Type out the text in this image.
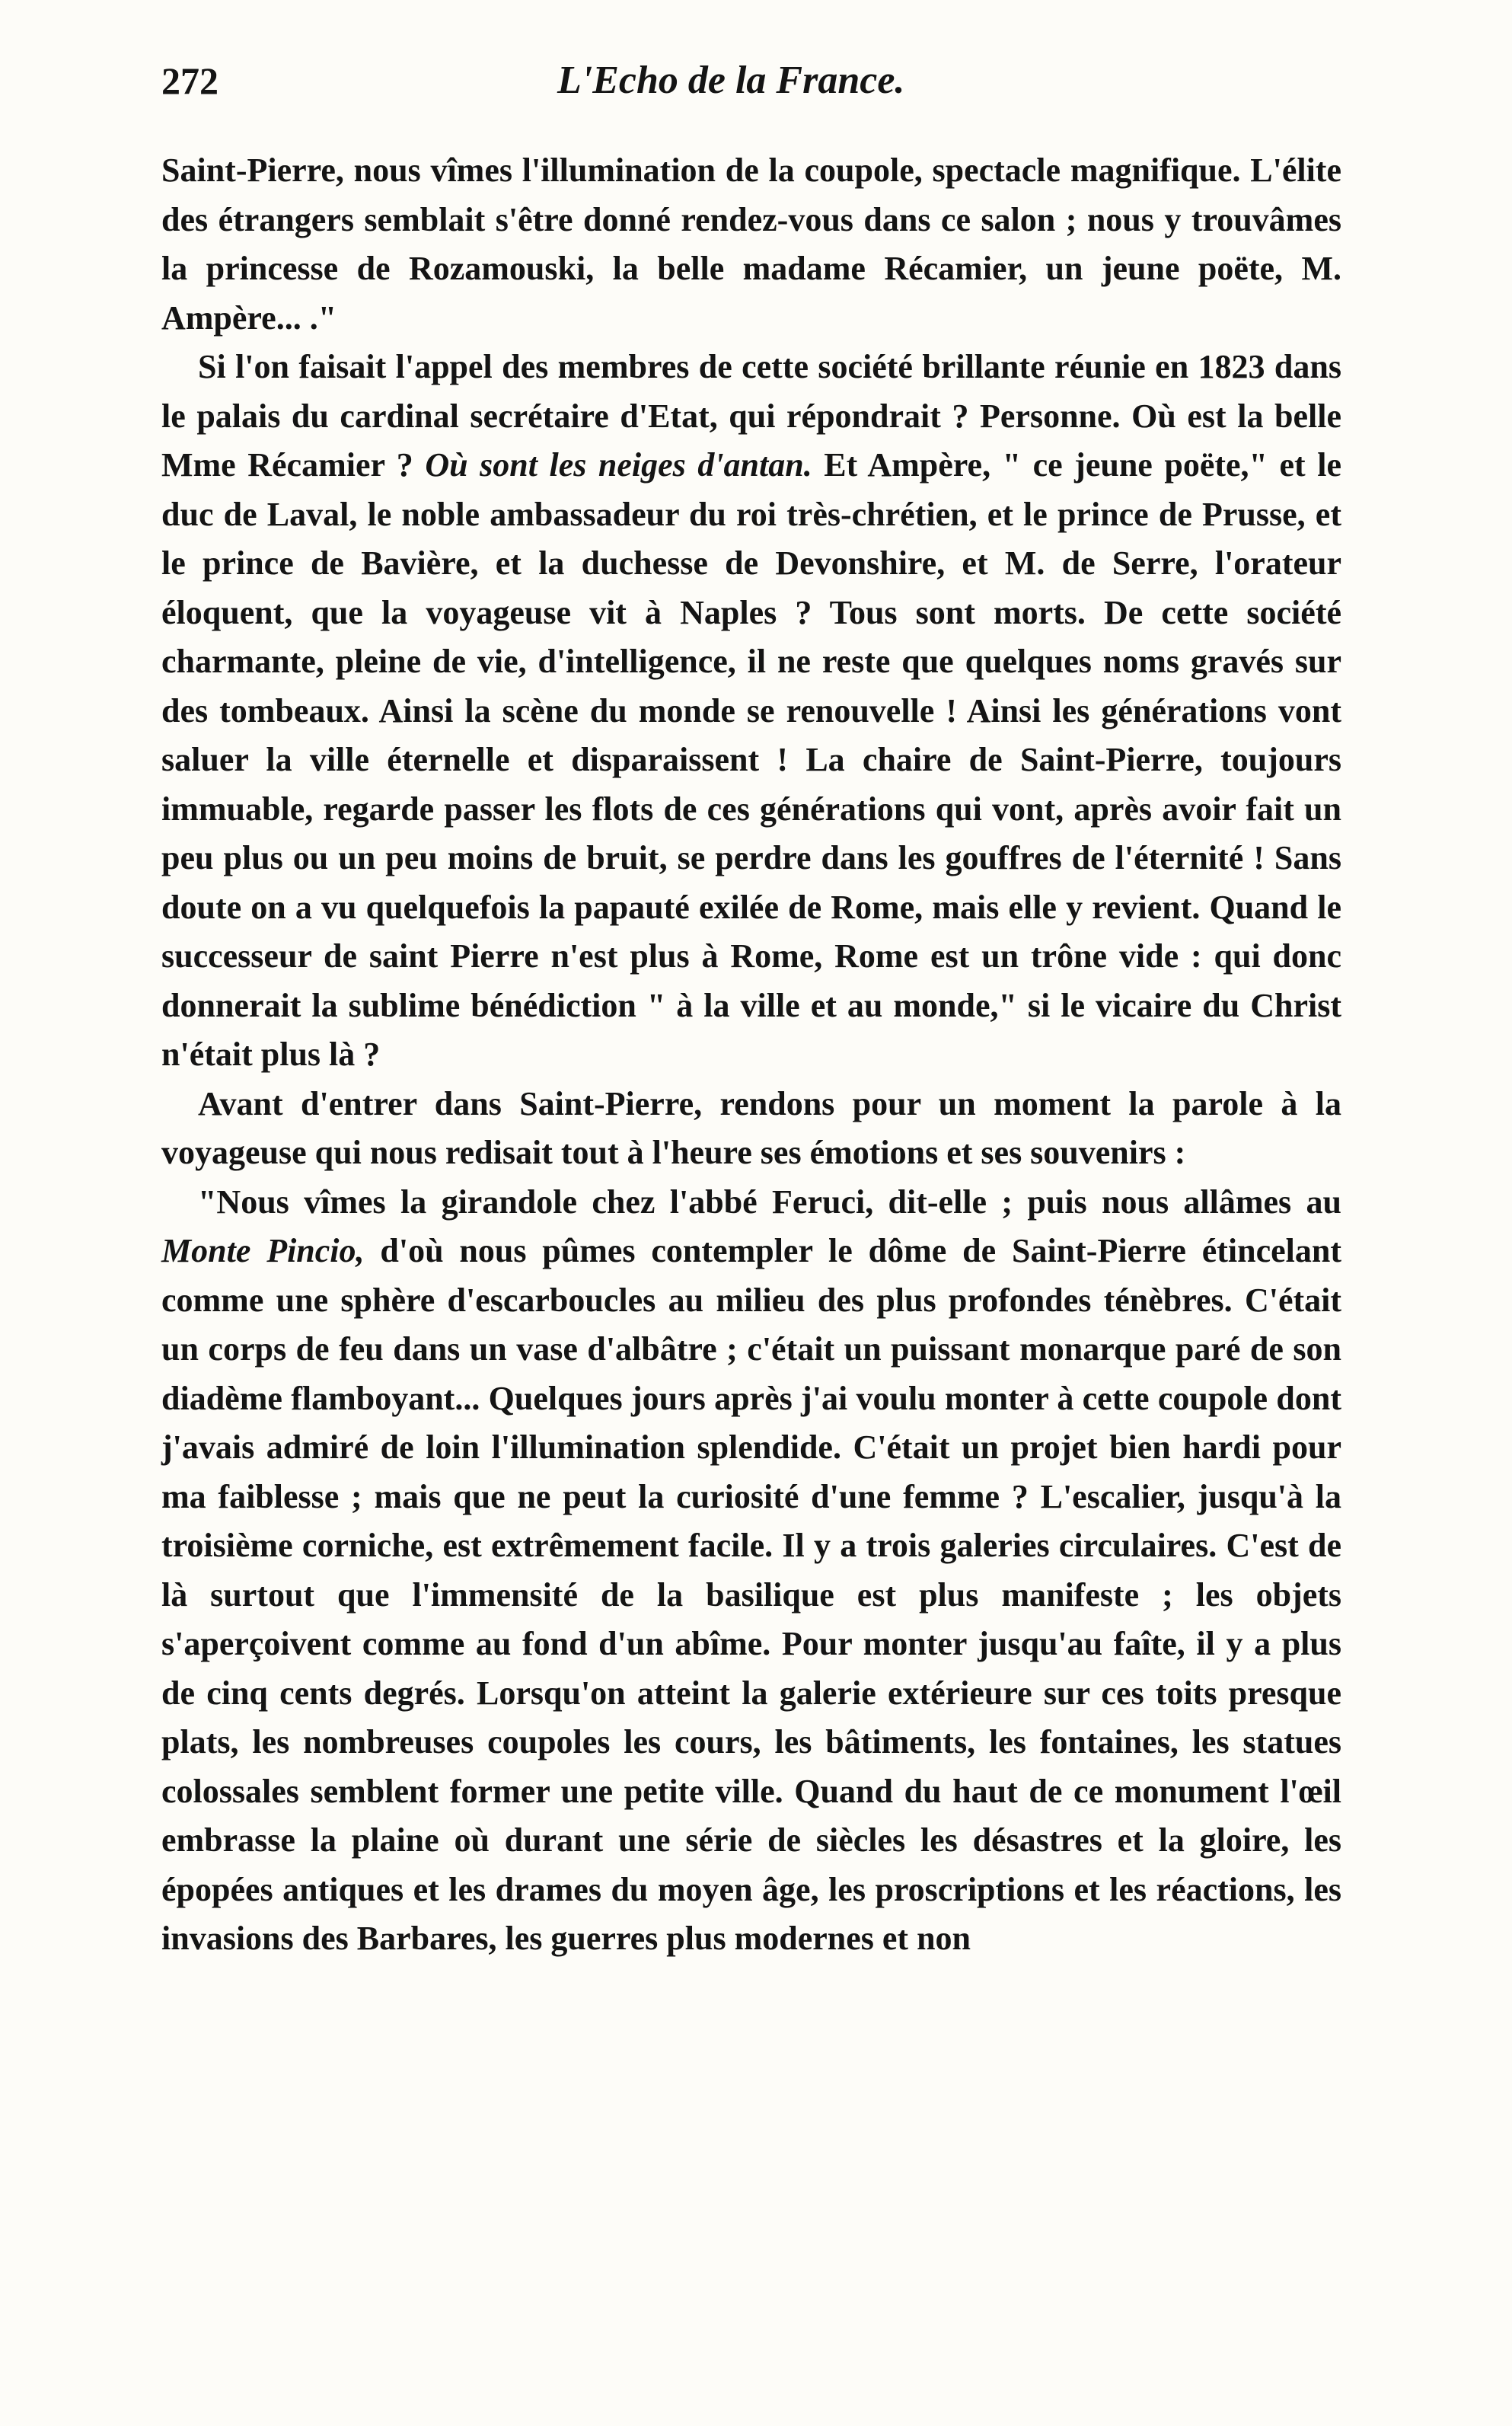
272	L'Echo de la France.

Saint-Pierre, nous vîmes l'illumination de la coupole, spectacle magnifique. L'élite des étrangers semblait s'être donné rendez-vous dans ce salon ; nous y trouvâmes la princesse de Rozamouski, la belle madame Récamier, un jeune poëte, M. Ampère... ."

Si l'on faisait l'appel des membres de cette société brillante réunie en 1823 dans le palais du cardinal secrétaire d'Etat, qui répondrait ? Personne. Où est la belle Mme Récamier ? Où sont les neiges d'antan. Et Ampère, " ce jeune poëte," et le duc de Laval, le noble ambassadeur du roi très-chrétien, et le prince de Prusse, et le prince de Bavière, et la duchesse de Devonshire, et M. de Serre, l'orateur éloquent, que la voyageuse vit à Naples ? Tous sont morts. De cette société charmante, pleine de vie, d'intelligence, il ne reste que quelques noms gravés sur des tombeaux. Ainsi la scène du monde se renouvelle ! Ainsi les générations vont saluer la ville éternelle et disparaissent ! La chaire de Saint-Pierre, toujours immuable, regarde passer les flots de ces générations qui vont, après avoir fait un peu plus ou un peu moins de bruit, se perdre dans les gouffres de l'éternité ! Sans doute on a vu quelquefois la papauté exilée de Rome, mais elle y revient. Quand le successeur de saint Pierre n'est plus à Rome, Rome est un trône vide : qui donc donnerait la sublime bénédiction " à la ville et au monde," si le vicaire du Christ n'était plus là ?

Avant d'entrer dans Saint-Pierre, rendons pour un moment la parole à la voyageuse qui nous redisait tout à l'heure ses émotions et ses souvenirs :

"Nous vîmes la girandole chez l'abbé Feruci, dit-elle ; puis nous allâmes au Monte Pincio, d'où nous pûmes contempler le dôme de Saint-Pierre étincelant comme une sphère d'escarboucles au milieu des plus profondes ténèbres. C'était un corps de feu dans un vase d'albâtre ; c'était un puissant monarque paré de son diadème flamboyant... Quelques jours après j'ai voulu monter à cette coupole dont j'avais admiré de loin l'illumination splendide. C'était un projet bien hardi pour ma faiblesse ; mais que ne peut la curiosité d'une femme ? L'escalier, jusqu'à la troisième corniche, est extrêmement facile. Il y a trois galeries circulaires. C'est de là surtout que l'immensité de la basilique est plus manifeste ; les objets s'aperçoivent comme au fond d'un abîme. Pour monter jusqu'au faîte, il y a plus de cinq cents degrés. Lorsqu'on atteint la galerie extérieure sur ces toits presque plats, les nombreuses coupoles les cours, les bâtiments, les fontaines, les statues colossales semblent former une petite ville. Quand du haut de ce monument l'œil embrasse la plaine où durant une série de siècles les désastres et la gloire, les épopées antiques et les drames du moyen âge, les proscriptions et les réactions, les invasions des Barbares, les guerres plus modernes et non
